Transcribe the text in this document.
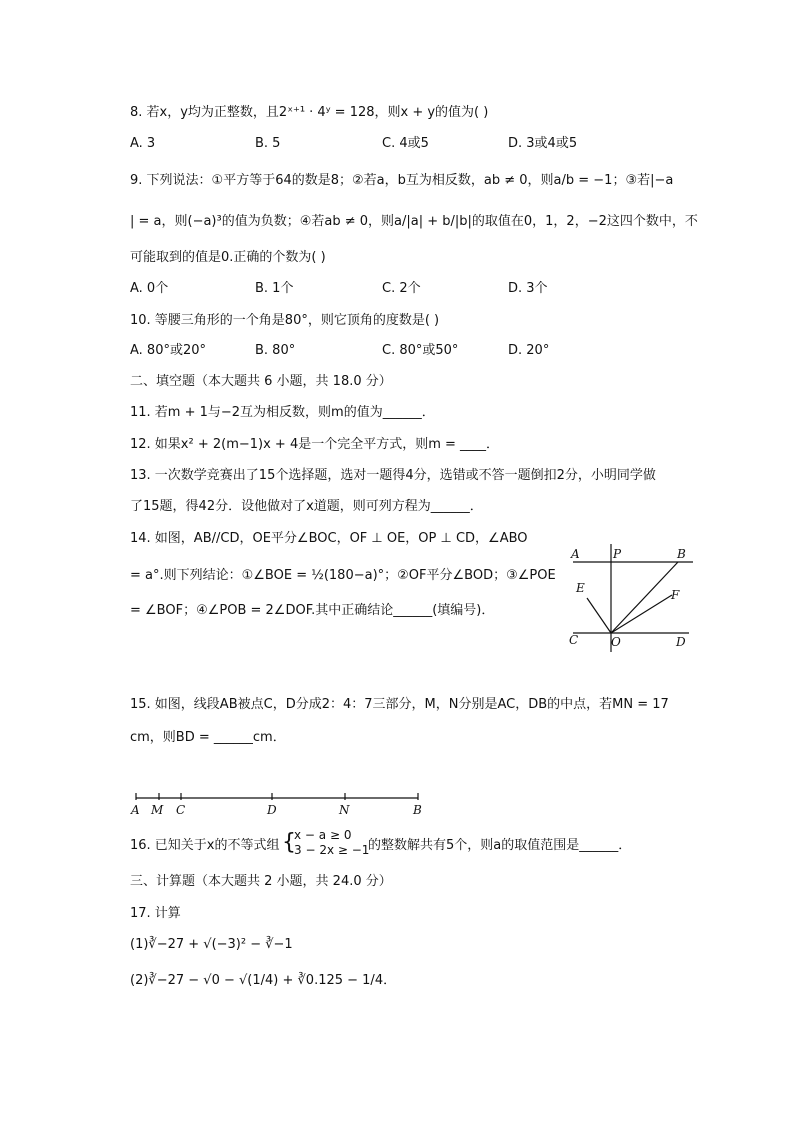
8. 若x，y均为正整数，且2ˣ⁺¹ · 4ʸ = 128，则x + y的值为( )
A. 3	B. 5	C. 4或5	D. 3或4或5
9. 下列说法：①平方等于64的数是8；②若a，b互为相反数，ab ≠ 0，则a/b = −1；③若|−a
| = a，则(−a)³的值为负数；④若ab ≠ 0，则a/|a| + b/|b|的取值在0，1，2，−2这四个数中，不
可能取到的值是0.正确的个数为( )
A. 0个	B. 1个	C. 2个	D. 3个
10. 等腰三角形的一个角是80°，则它顶角的度数是( )
A. 80°或20°	B. 80°	C. 80°或50°	D. 20°
二、填空题（本大题共 6 小题，共 18.0 分）
11. 若m + 1与−2互为相反数，则m的值为______．
12. 如果x² + 2(m−1)x + 4是一个完全平方式，则m = ____．
13. 一次数学竞赛出了15个选择题，选对一题得4分，选错或不答一题倒扣2分，小明同学做
了15题，得42分．设他做对了x道题，则可列方程为______．
14. 如图，AB//CD，OE平分∠BOC，OF ⊥ OE，OP ⊥ CD，∠ABO
= a°.则下列结论：①∠BOE = ½(180−a)°；②OF平分∠BOD；③∠POE
= ∠BOF；④∠POB = 2∠DOF.其中正确结论______(填编号)．
A	P	B
E	F
C	O	D
15. 如图，线段AB被点C，D分成2：4：7三部分，M，N分别是AC，DB的中点，若MN = 17
cm，则BD = ______cm．
A M C	D	N	B
16. 已知关于x的不等式组 {
x − a ≥ 0
3 − 2x ≥ −1
的整数解共有5个，则a的取值范围是______．
三、计算题（本大题共 2 小题，共 24.0 分）
17. 计算
(1)∛−27 + √(−3)² − ∛−1
(2)∛−27 − √0 − √(1/4) + ∛0.125 − 1/4．
